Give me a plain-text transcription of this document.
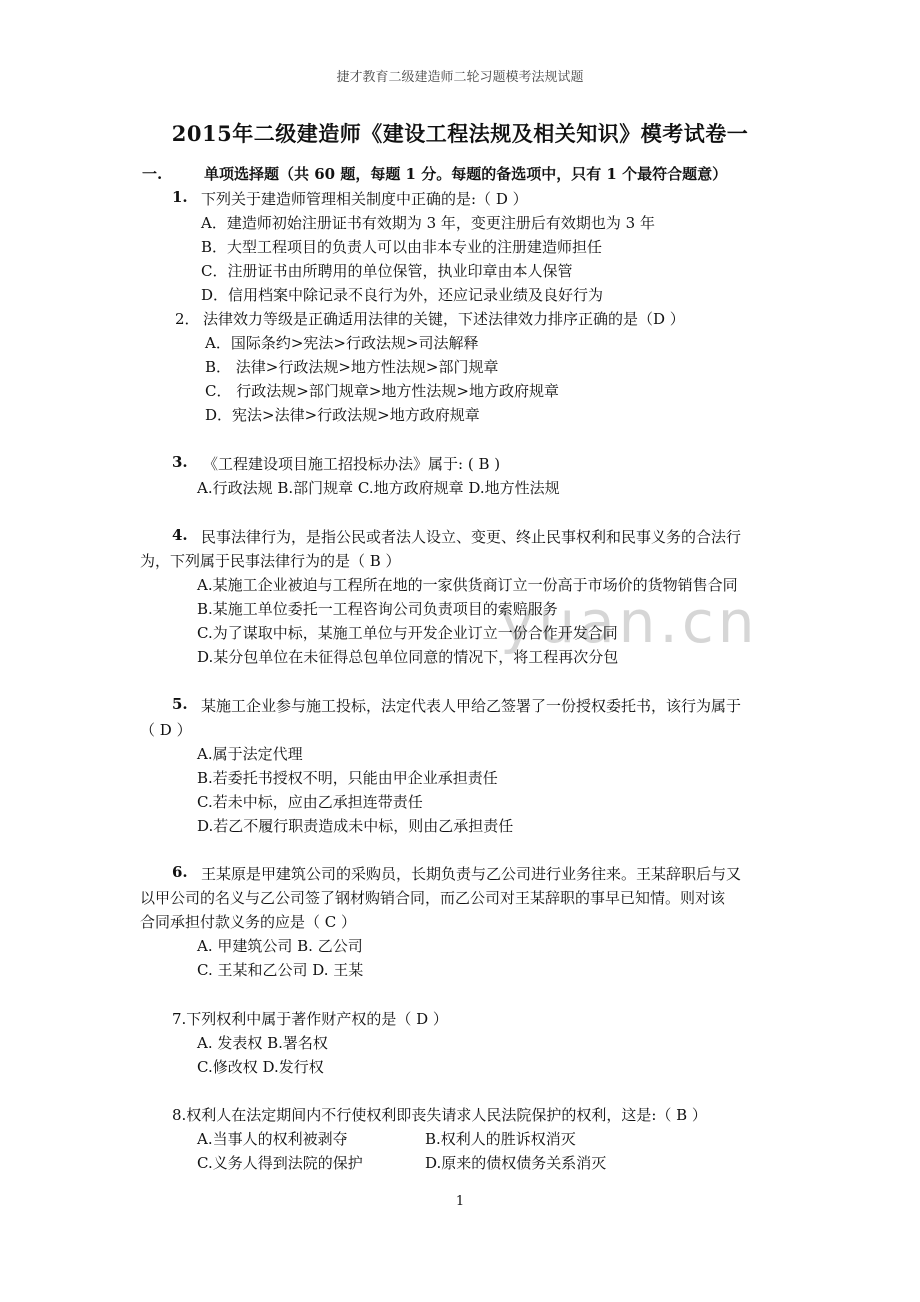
捷才教育二级建造师二轮习题模考法规试题
yuan.cn
2015年二级建造师《建设工程法规及相关知识》模考试卷一
一.	单项选择题（共 60 题，每题 1 分。每题的备选项中，只有 1 个最符合题意）
1. 下列关于建造师管理相关制度中正确的是:（ D ）
A．建造师初始注册证书有效期为 3 年，变更注册后有效期也为 3 年
B．大型工程项目的负责人可以由非本专业的注册建造师担任
C．注册证书由所聘用的单位保管，执业印章由本人保管
D．信用档案中除记录不良行为外，还应记录业绩及良好行为
2． 法律效力等级是正确适用法律的关键，下述法律效力排序正确的是（D ）
A．国际条约>宪法>行政法规>司法解释
B． 法律>行政法规>地方性法规>部门规章
C． 行政法规>部门规章>地方性法规>地方政府规章
D．宪法>法律>行政法规>地方政府规章
3. 《工程建设项目施工招投标办法》属于: ( B )
A.行政法规 B.部门规章 C.地方政府规章 D.地方性法规
4. 民事法律行为，是指公民或者法人设立、变更、终止民事权利和民事义务的合法行
为，下列属于民事法律行为的是（ B ）
A.某施工企业被迫与工程所在地的一家供货商订立一份高于市场价的货物销售合同
B.某施工单位委托一工程咨询公司负责项目的索赔服务
C.为了谋取中标，某施工单位与开发企业订立一份合作开发合同
D.某分包单位在未征得总包单位同意的情况下，将工程再次分包
5. 某施工企业参与施工投标，法定代表人甲给乙签署了一份授权委托书，该行为属于
（ D ）
A.属于法定代理
B.若委托书授权不明，只能由甲企业承担责任
C.若未中标，应由乙承担连带责任
D.若乙不履行职责造成未中标，则由乙承担责任
6. 王某原是甲建筑公司的采购员，长期负责与乙公司进行业务往来。王某辞职后与又
以甲公司的名义与乙公司签了钢材购销合同，而乙公司对王某辞职的事早已知情。则对该
合同承担付款义务的应是（ C ）
A. 甲建筑公司 B. 乙公司
C. 王某和乙公司 D. 王某
7.下列权利中属于著作财产权的是（ D ）
A. 发表权 B.署名权
C.修改权 D.发行权
8.权利人在法定期间内不行使权利即丧失请求人民法院保护的权利，这是:（ B ）
A.当事人的权利被剥夺	B.权利人的胜诉权消灭
C.义务人得到法院的保护	D.原来的债权债务关系消灭
1
